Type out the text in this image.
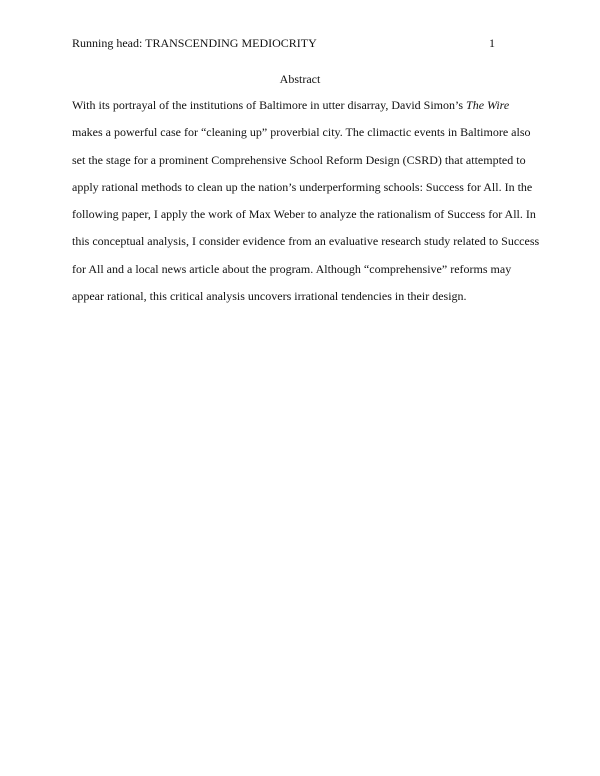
Running head: TRANSCENDING MEDIOCRITY	1
Abstract
With its portrayal of the institutions of Baltimore in utter disarray, David Simon’s The Wire
makes a powerful case for “cleaning up” proverbial city. The climactic events in Baltimore also
set the stage for a prominent Comprehensive School Reform Design (CSRD) that attempted to
apply rational methods to clean up the nation’s underperforming schools: Success for All. In the
following paper, I apply the work of Max Weber to analyze the rationalism of Success for All. In
this conceptual analysis, I consider evidence from an evaluative research study related to Success
for All and a local news article about the program. Although “comprehensive” reforms may
appear rational, this critical analysis uncovers irrational tendencies in their design.
